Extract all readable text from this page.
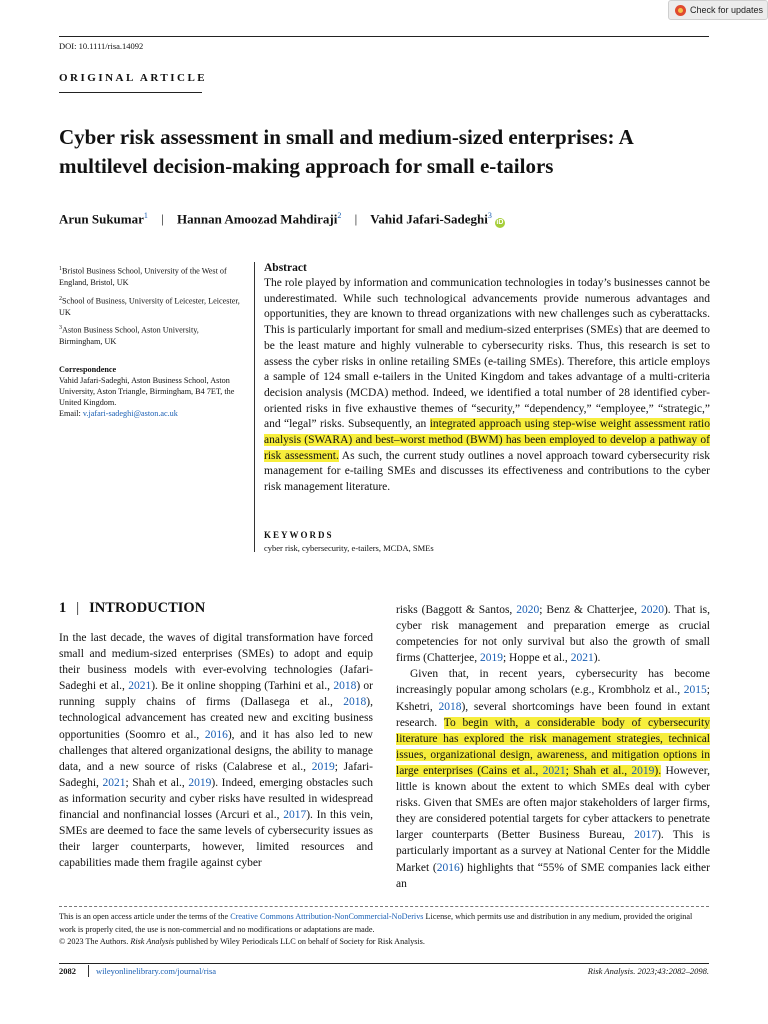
Check for updates
DOI: 10.1111/risa.14092
ORIGINAL ARTICLE
Cyber risk assessment in small and medium-sized enterprises: A multilevel decision-making approach for small e-tailors
Arun Sukumar$^1$ | Hannan Amoozad Mahdiraji$^2$ | Vahid Jafari-Sadeghi$^3$iD
$^1$Bristol Business School, University of the West of England, Bristol, UK
$^2$School of Business, University of Leicester, Leicester, UK
$^3$Aston Business School, Aston University, Birmingham, UK
Correspondence
Vahid Jafari-Sadeghi, Aston Business School, Aston University, Aston Triangle, Birmingham, B4 7ET, the United Kingdom.
Email: v.jafari-sadeghi@aston.ac.uk
Abstract
The role played by information and communication technologies in today’s businesses cannot be underestimated. While such technological advancements provide numerous advantages and opportunities, they are known to thread organizations with new challenges such as cyberattacks. This is particularly important for small and medium-sized enterprises (SMEs) that are deemed to be the least mature and highly vulnerable to cybersecurity risks. Thus, this research is set to assess the cyber risks in online retailing SMEs (e-tailing SMEs). Therefore, this article employs a sample of 124 small e-tailers in the United Kingdom and takes advantage of a multi-criteria decision analysis (MCDA) method. Indeed, we identified a total number of 28 identified cyber-oriented risks in five exhaustive themes of “security,” “dependency,” “employee,” “strategic,” and “legal” risks. Subsequently, an integrated approach using step-wise weight assessment ratio analysis (SWARA) and best–worst method (BWM) has been employed to develop a pathway of risk assessment. As such, the current study outlines a novel approach toward cybersecurity risk management for e-tailing SMEs and discusses its effectiveness and contributions to the cyber risk management literature.
KEYWORDS
cyber risk, cybersecurity, e-tailers, MCDA, SMEs
1 | INTRODUCTION

In the last decade, the waves of digital transformation have forced small and medium-sized enterprises (SMEs) to adopt and equip their business models with ever-evolving technologies (Jafari-Sadeghi et al., 2021). Be it online shopping (Tarhini et al., 2018) or running supply chains of firms (Dallasega et al., 2018), technological advancement has created new and exciting business opportunities (Soomro et al., 2016), and it has also led to new challenges that altered organizational designs, the ability to manage data, and a new source of risks (Calabrese et al., 2019; Jafari-Sadeghi, 2021; Shah et al., 2019). Indeed, emerging obstacles such as information security and cyber risks have resulted in widespread financial and nonfinancial losses (Arcuri et al., 2017). In this vein, SMEs are deemed to face the same levels of cybersecurity issues as their larger counterparts, however, limited resources and capabilities made them fragile against cyber

risks (Baggott & Santos, 2020; Benz & Chatterjee, 2020). That is, cyber risk management and preparation emerge as crucial competencies for not only survival but also the growth of small firms (Chatterjee, 2019; Hoppe et al., 2021).

Given that, in recent years, cybersecurity has become increasingly popular among scholars (e.g., Krombholz et al., 2015; Kshetri, 2018), several shortcomings have been found in extant research. To begin with, a considerable body of cybersecurity literature has explored the risk management strategies, technical issues, organizational design, awareness, and mitigation options in large enterprises (Cains et al., 2021; Shah et al., 2019). However, little is known about the extent to which SMEs deal with cyber risks. Given that SMEs are often major stakeholders of larger firms, they are considered potential targets for cyber attackers to penetrate larger counterparts (Better Business Bureau, 2017). This is particularly important as a survey at National Center for the Middle Market (2016) highlights that “55% of SME companies lack either an

This is an open access article under the terms of the Creative Commons Attribution-NonCommercial-NoDerivs License, which permits use and distribution in any medium, provided the original work is properly cited, the use is non-commercial and no modifications or adaptations are made.
© 2023 The Authors. Risk Analysis published by Wiley Periodicals LLC on behalf of Society for Risk Analysis.
2082 wileyonlinelibrary.com/journal/risa	Risk Analysis. 2023;43:2082–2098.
